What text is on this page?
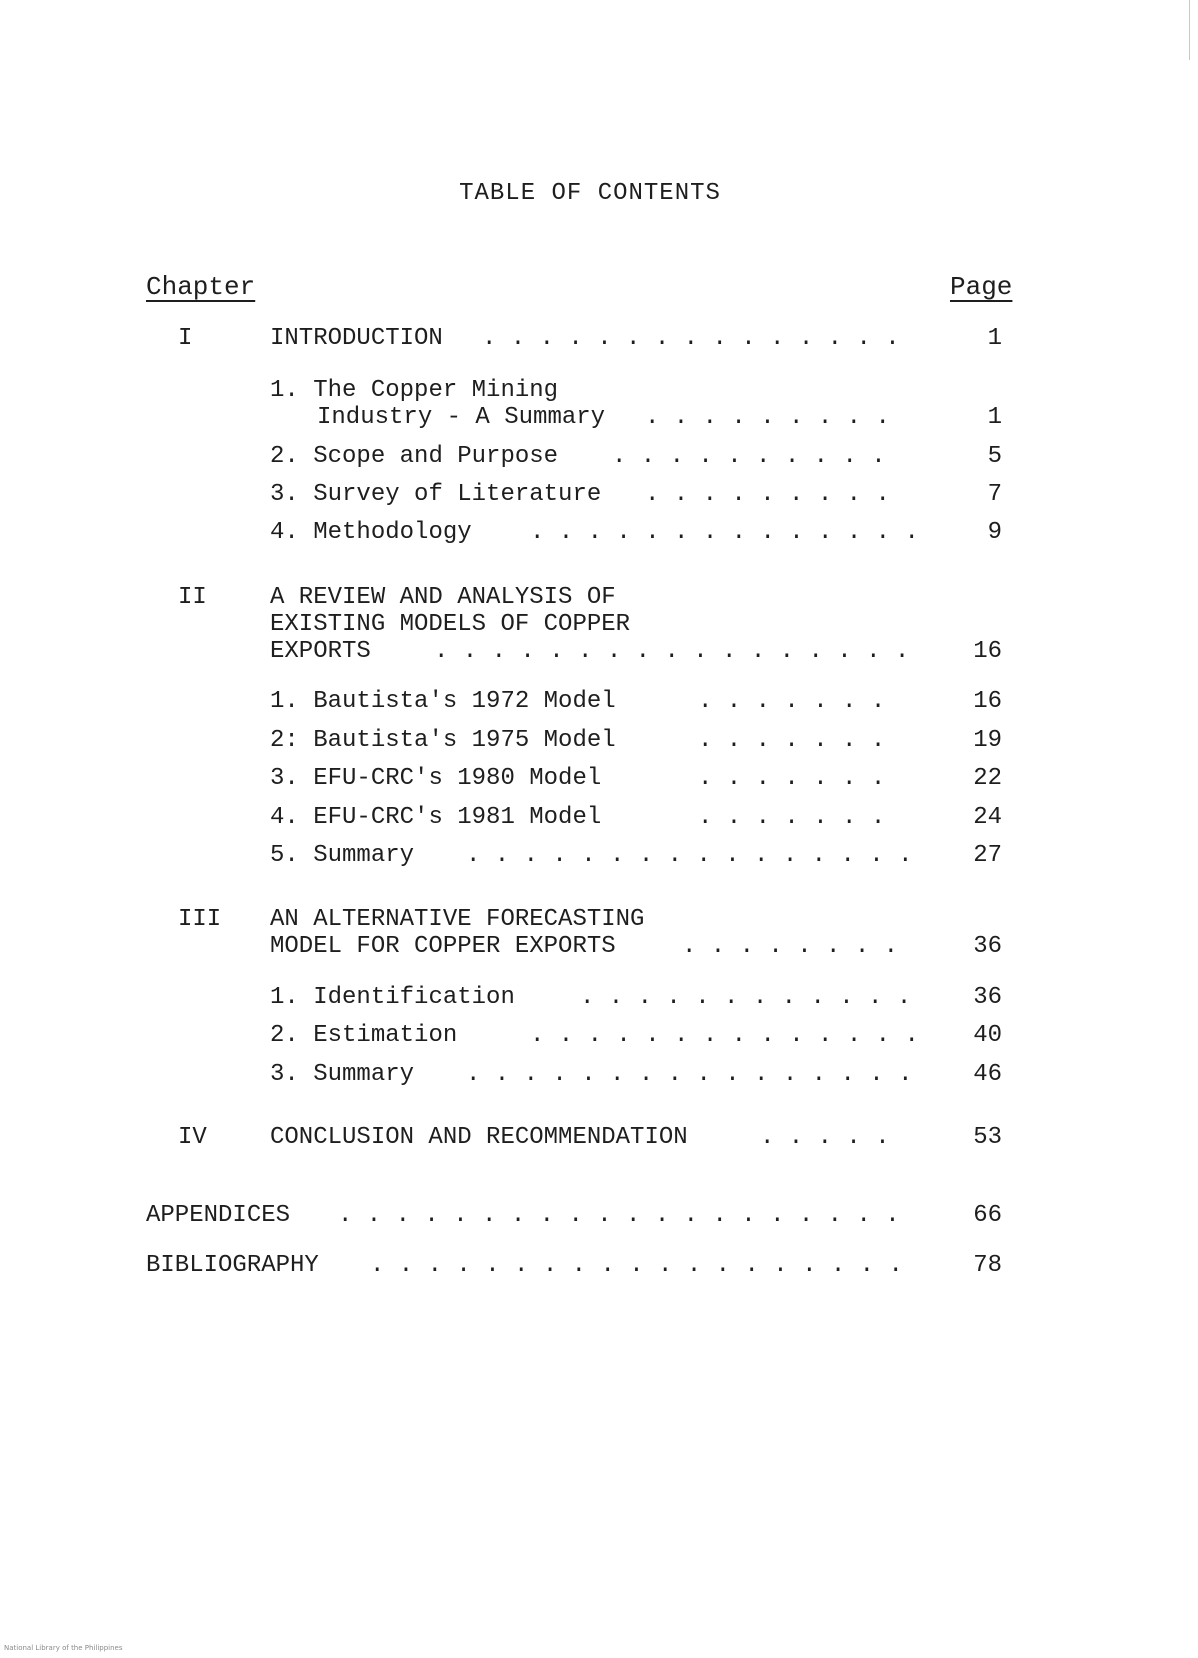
TABLE OF CONTENTS
Chapter	Page
I	INTRODUCTION . . . . . . . . . . . . . . .	1
1. The Copper Mining
Industry - A Summary . . . . . . . . .	1
2. Scope and Purpose . . . . . . . . . .	5
3. Survey of Literature . . . . . . . . .	7
4. Methodology . . . . . . . . . . . . . .	9
II	A REVIEW AND ANALYSIS OF
EXISTING MODELS OF COPPER
EXPORTS	. . . . . . . . . . . . . . . . .	16
1. Bautista's 1972 Model	. . . . . . .	16
2: Bautista's 1975 Model	. . . . . . .	19
3. EFU-CRC's 1980 Model	. . . . . . .	22
4. EFU-CRC's 1981 Model	. . . . . . .	24
5. Summary . . . . . . . . . . . . . . . .	27
III AN ALTERNATIVE FORECASTING
MODEL FOR COPPER EXPORTS	. . . . . . . .	36
1. Identification	. . . . . . . . . . . .	36
2. Estimation	. . . . . . . . . . . . . .	40
3. Summary . . . . . . . . . . . . . . . .	46
IV	CONCLUSION AND RECOMMENDATION	. . . . .	53
APPENDICES . . . . . . . . . . . . . . . . . . . .	66
BIBLIOGRAPHY . . . . . . . . . . . . . . . . . . .	78
National Library of the Philippines
